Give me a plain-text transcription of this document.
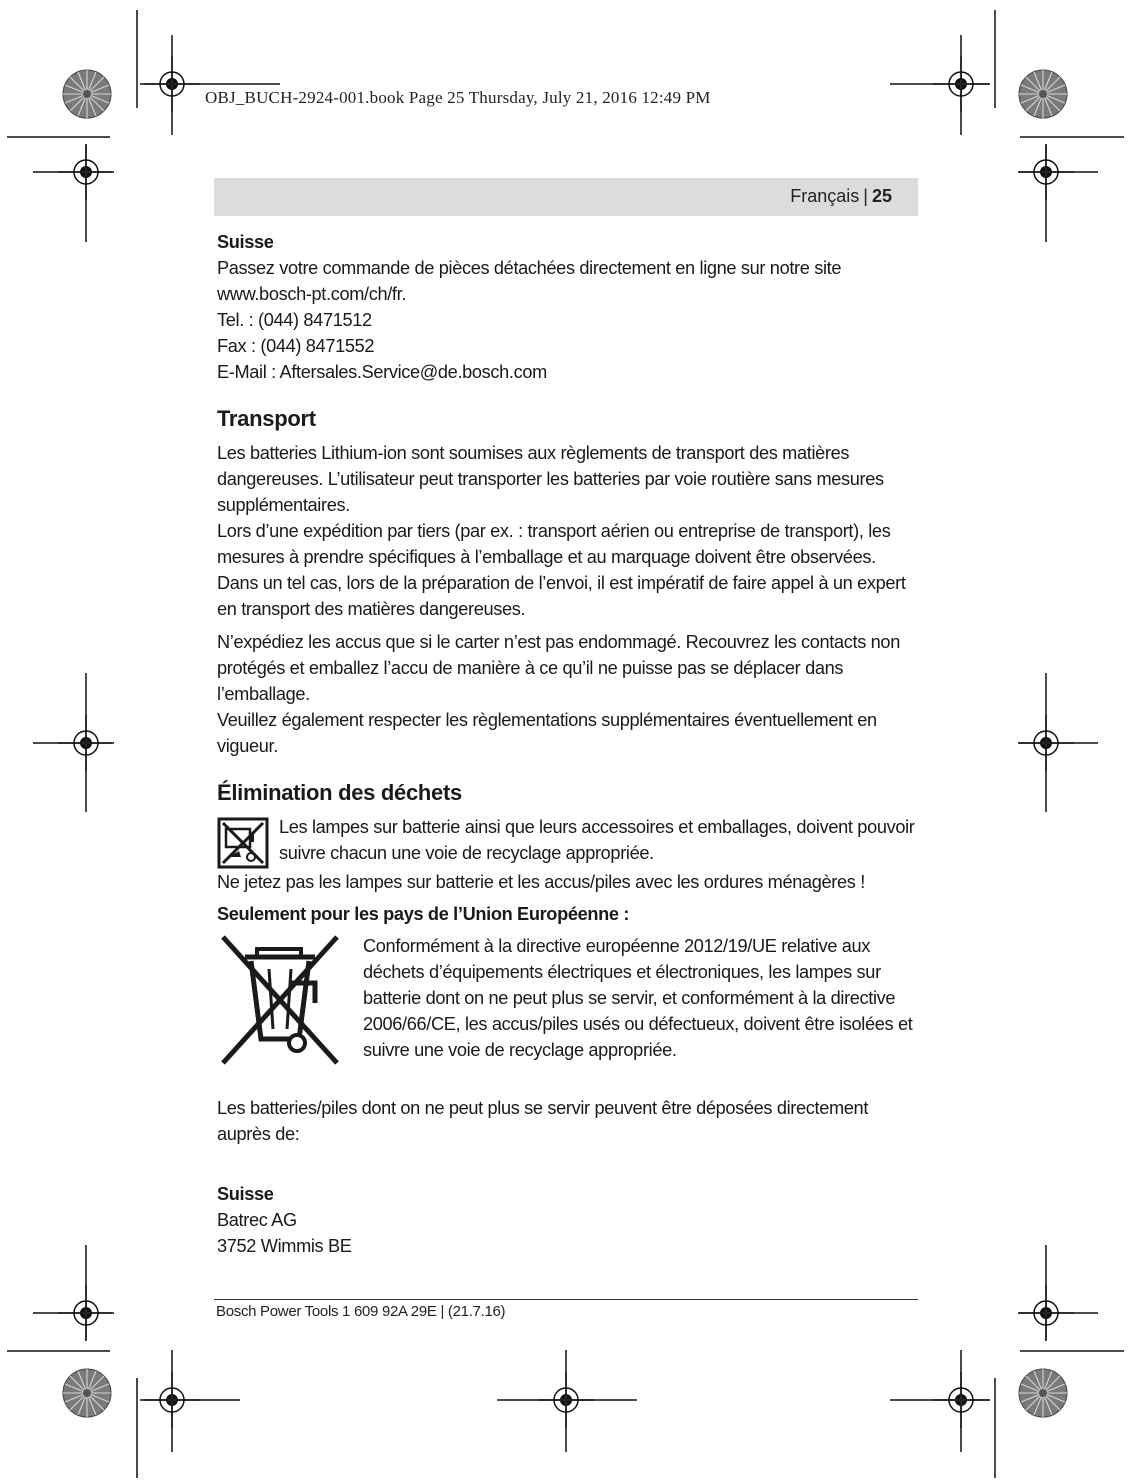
OBJ_BUCH-2924-001.book Page 25 Thursday, July 21, 2016 12:49 PM
Français | 25

Suisse

Passez votre commande de pièces détachées directement en ligne sur notre site

www.bosch-pt.com/ch/fr.

Tel. : (044) 8471512

Fax : (044) 8471552

E-Mail : Aftersales.Service@de.bosch.com

Transport

Les batteries Lithium-ion sont soumises aux règlements de transport des matières dangereuses. L’utilisateur peut transporter les batteries par voie routière sans mesures supplémentaires.

Lors d’une expédition par tiers (par ex. : transport aérien ou entreprise de transport), les mesures à prendre spécifiques à l’emballage et au marquage doivent être observées. Dans un tel cas, lors de la préparation de l’envoi, il est impératif de faire appel à un expert en transport des matières dangereuses.

N’expédiez les accus que si le carter n’est pas endommagé. Recouvrez les contacts non protégés et emballez l’accu de manière à ce qu’il ne puisse pas se déplacer dans l’emballage.

Veuillez également respecter les règlementations supplémentaires éventuellement en vigueur.

Élimination des déchets

Les lampes sur batterie ainsi que leurs accessoires et emballages, doivent pouvoir suivre chacun une voie de recyclage appropriée.

Ne jetez pas les lampes sur batterie et les accus/piles avec les ordures ménagères !

Seulement pour les pays de l’Union Européenne :

Conformément à la directive européenne 2012/19/UE relative aux déchets d’équipements électriques et électroniques, les lampes sur batterie dont on ne peut plus se servir, et conformément à la directive 2006/66/CE, les accus/piles usés ou défectueux, doivent être isolées et suivre une voie de recyclage appropriée.

Les batteries/piles dont on ne peut plus se servir peuvent être déposées directement auprès de:

Suisse

Batrec AG

3752 Wimmis BE

Bosch Power Tools 1 609 92A 29E | (21.7.16)
